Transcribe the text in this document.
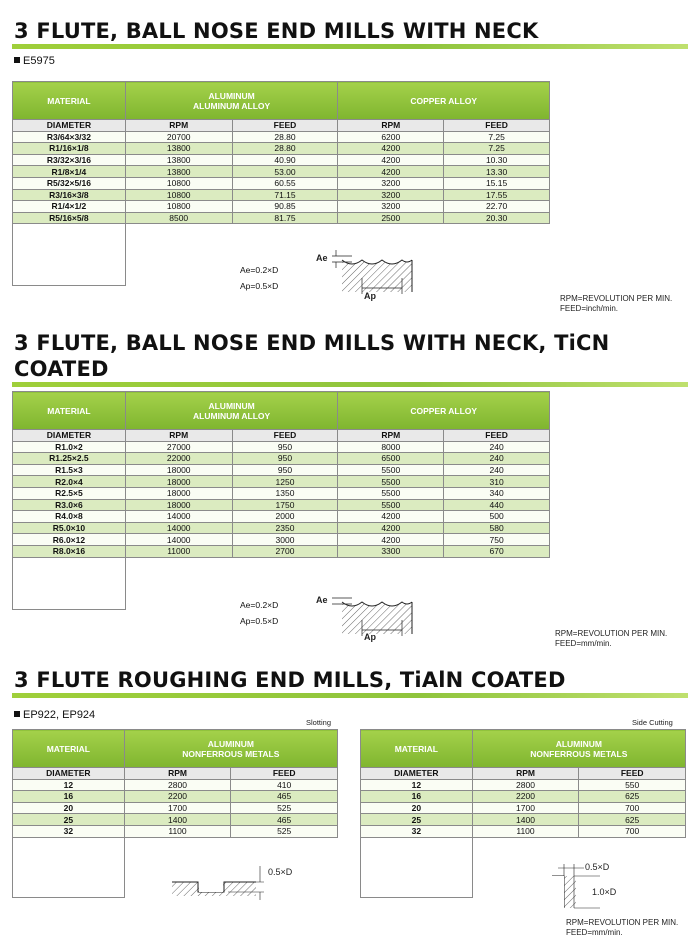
3 FLUTE, BALL NOSE END MILLS WITH NECK
E5975
MATERIAL	ALUMINUM
ALUMINUM ALLOY		COPPER ALLOY	
DIAMETER	RPM	FEED	RPM	FEED
R3/64×3/32	20700	28.80	6200	7.25
R1/16×1/8	13800	28.80	4200	7.25
R3/32×3/16	13800	40.90	4200	10.30
R1/8×1/4	13800	53.00	4200	13.30
R5/32×5/16	10800	60.55	3200	15.15
R3/16×3/8	10800	71.15	3200	17.55
R1/4×1/2	10800	90.85	3200	22.70
R5/16×5/8	8500	81.75	2500	20.30

Ae=0.2×D
Ap=0.5×D
Ae
Ap	RPM=REVOLUTION PER MIN.
FEED=inch/min.
3 FLUTE, BALL NOSE END MILLS WITH NECK, TiCN COATED
MATERIAL	ALUMINUM
ALUMINUM ALLOY		COPPER ALLOY	
DIAMETER	RPM	FEED	RPM	FEED
R1.0×2	27000	950	8000	240
R1.25×2.5	22000	950	6500	240
R1.5×3	18000	950	5500	240
R2.0×4	18000	1250	5500	310
R2.5×5	18000	1350	5500	340
R3.0×6	18000	1750	5500	440
R4.0×8	14000	2000	4200	500
R5.0×10	14000	2350	4200	580
R6.0×12	14000	3000	4200	750
R8.0×16	11000	2700	3300	670

Ae=0.2×D
Ap=0.5×D
Ae
Ap	RPM=REVOLUTION PER MIN.
FEED=mm/min.
3 FLUTE ROUGHING END MILLS, TiAlN COATED
EP922, EP924
Slotting	Side Cutting
MATERIAL	ALUMINUM
NONFERROUS METALS	
DIAMETER	RPM	FEED
12	2800	410
16	2200	465
20	1700	525
25	1400	465
32	1100	525

MATERIAL	ALUMINUM
NONFERROUS METALS	
DIAMETER	RPM	FEED
12	2800	550
16	2200	625
20	1700	700
25	1400	625
32	1100	700

0.5×D	0.5×D
1.0×D
RPM=REVOLUTION PER MIN.
FEED=mm/min.
